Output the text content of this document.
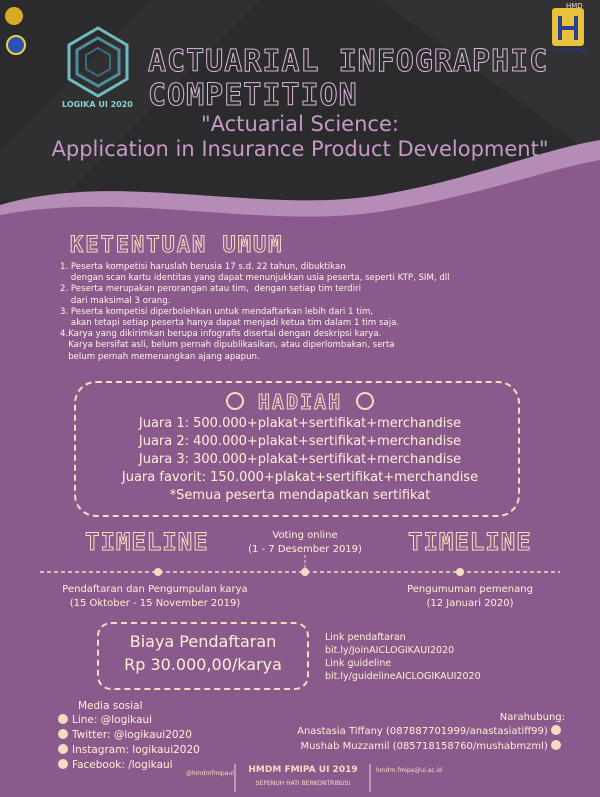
LOGIKA UI 2020
HMD
MATEMATIKA
ACTUARIAL INFOGRAPHIC
COMPETITION
"Actuarial Science:
Application in Insurance Product Development"
KETENTUAN UMUM

1. Peserta kompetisi haruslah berusia 17 s.d. 22 tahun, dibuktikan

dengan scan kartu identitas yang dapat menunjukkan usia peserta, seperti KTP, SIM, dll

2. Peserta merupakan perorangan atau tim,  dengan setiap tim terdiri

dari maksimal 3 orang.

3. Peserta kompetisi diperbolehkan untuk mendaftarkan lebih dari 1 tim,

akan tetapi setiap peserta hanya dapat menjadi ketua tim dalam 1 tim saja.

4.Karya yang dikirimkan berupa infografis disertai dengan deskripsi karya.

Karya bersifat asli, belum pernah dipublikasikan, atau diperlombakan, serta

belum pernah memenangkan ajang apapun.

HADIAH
Juara 1: 500.000+plakat+sertifikat+merchandise
Juara 2: 400.000+plakat+sertifikat+merchandise
Juara 3: 300.000+plakat+sertifikat+merchandise
Juara favorit: 150.000+plakat+sertifikat+merchandise
*Semua peserta mendapatkan sertifikat
TIMELINE	TIMELINE
Voting online
(1 - 7 Desember 2019)
Pendaftaran dan Pengumpulan karya
(15 Oktober - 15 November 2019)
Pengumuman pemenang
(12 Januari 2020)
Biaya Pendaftaran
Rp 30.000,00/karya
Link pendaftaran
bit.ly/JoinAICLOGIKAUI2020
Link guideline
bit.ly/guidelineAICLOGIKAUI2020
Media sosial
Line: @logikaui
Twitter: @logikaui2020
Instagram: logikaui2020
Facebook: /logikaui
Narahubung:
Anastasia Tiffany (087887701999/anastasiatiff99)
Mushab Muzzamil (085718158760/mushabmzml)
@hmdmfmipaui	HMDM FMIPA UI 2019
SEPENUH HATI BERKONTRIBUSI
hmdm.fmipa@ui.ac.id
